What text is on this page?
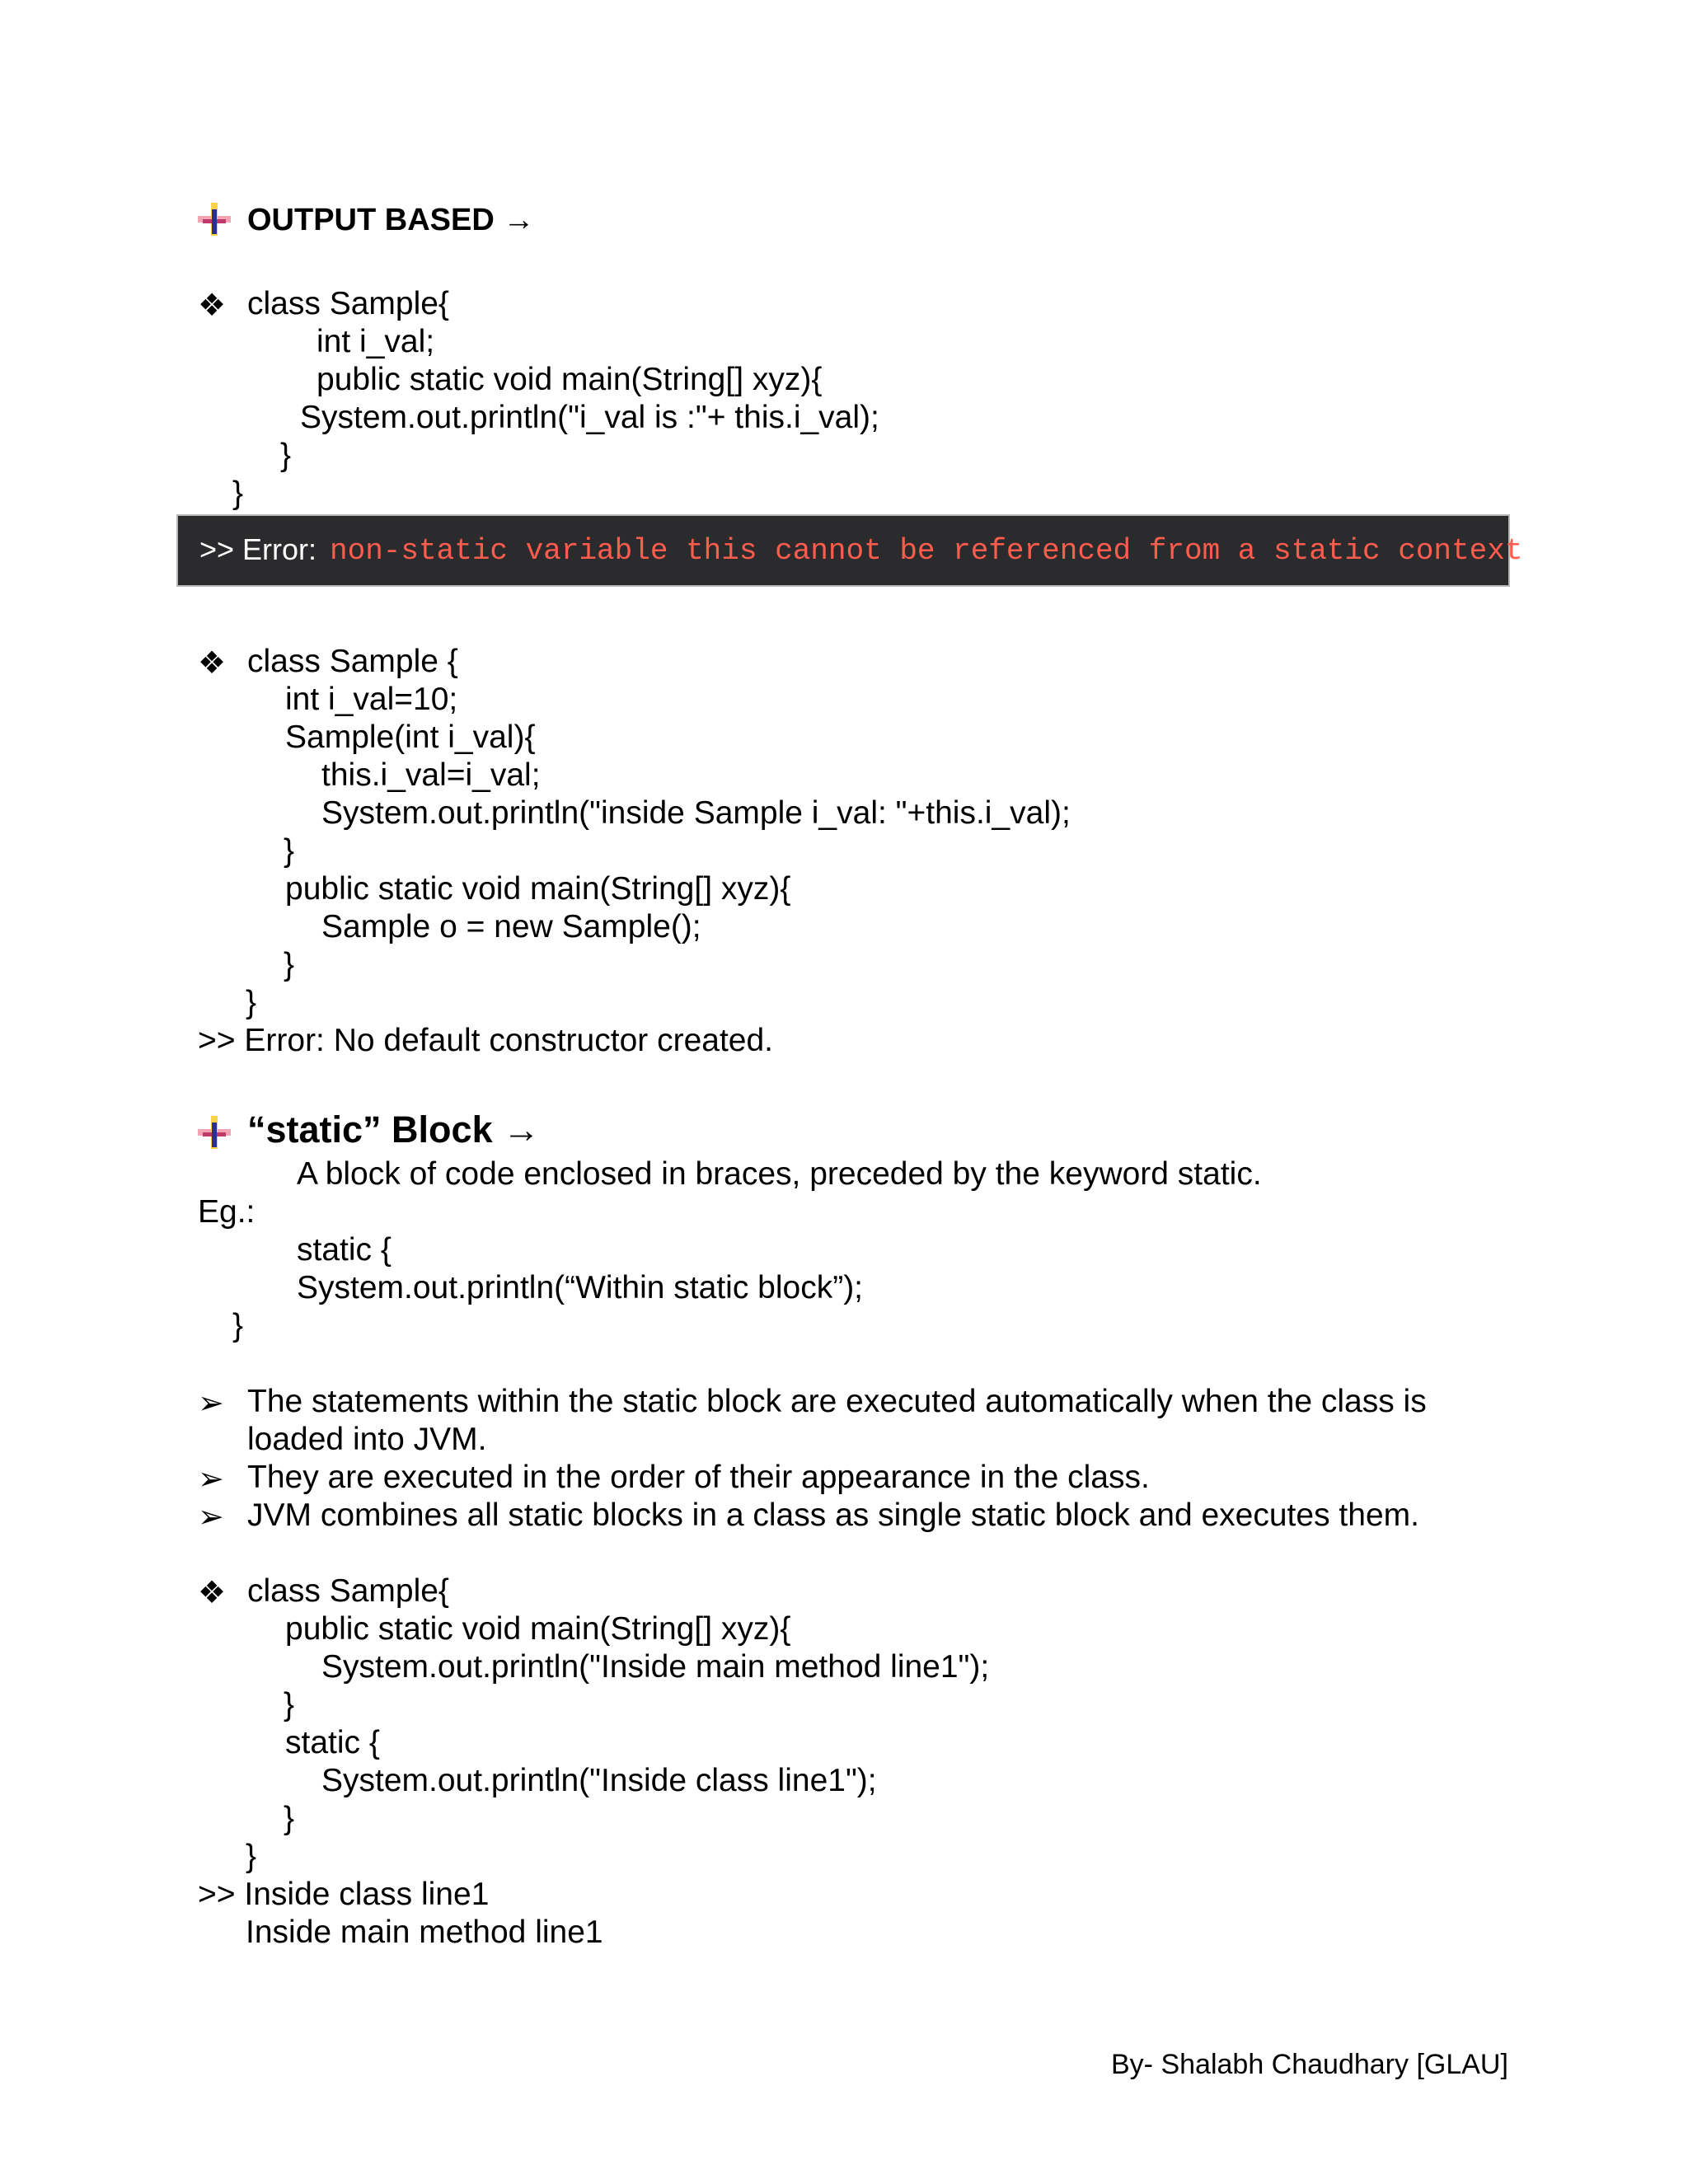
OUTPUT BASED →
❖ class Sample{
int i_val;
public static void main(String[] xyz){
System.out.println("i_val is :"+ this.i_val);
}
}
>> Error: non-static variable this cannot be referenced from a static context
❖ class Sample {
int i_val=10;
Sample(int i_val){
this.i_val=i_val;
System.out.println("inside Sample i_val: "+this.i_val);
}
public static void main(String[] xyz){
Sample o = new Sample();
}
}
>> Error: No default constructor created.
“static” Block →
A block of code enclosed in braces, preceded by the keyword static.
Eg.:
static {
System.out.println(“Within static block”);
}
➢ The statements within the static block are executed automatically when the class is
loaded into JVM.
➢ They are executed in the order of their appearance in the class.
➢ JVM combines all static blocks in a class as single static block and executes them.
❖ class Sample{
public static void main(String[] xyz){
System.out.println("Inside main method line1");
}
static {
System.out.println("Inside class line1");
}
}
>> Inside class line1
Inside main method line1
By- Shalabh Chaudhary [GLAU]
